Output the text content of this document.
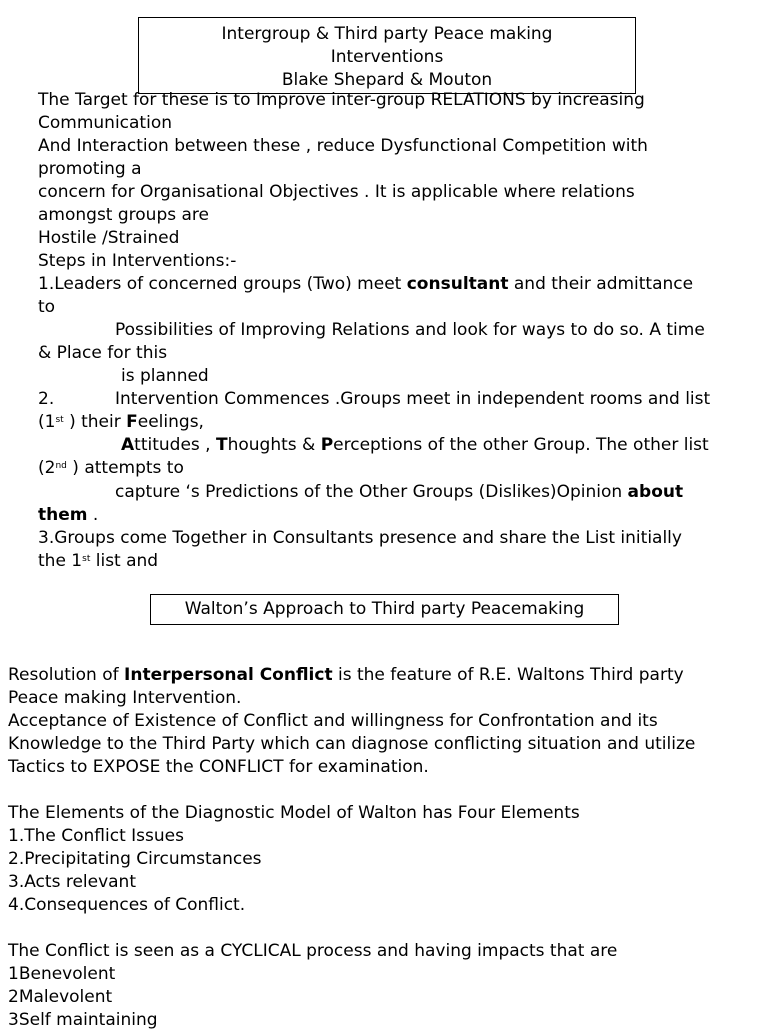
Intergroup & Third party Peace making
Interventions
Blake Shepard & Mouton
The Target for these is to Improve inter-group RELATIONS by increasing
Communication
And Interaction between these , reduce Dysfunctional Competition with
promoting a
concern for Organisational Objectives . It is applicable where relations
amongst groups are
Hostile /Strained
Steps in Interventions:-
1.Leaders of concerned groups (Two) meet consultant and their admittance
to
Possibilities of Improving Relations and look for ways to do so. A time
& Place for this
is planned
2.	Intervention Commences .Groups meet in independent rooms and list
(1st ) their Feelings,
Attitudes , Thoughts & Perceptions of the other Group. The other list
(2nd ) attempts to
capture ‘s Predictions of the Other Groups (Dislikes)Opinion about
them .
3.Groups come Together in Consultants presence and share the List initially
the 1st list and
Walton’s Approach to Third party Peacemaking
Resolution of Interpersonal Conflict is the feature of R.E. Waltons Third party
Peace making Intervention.
Acceptance of Existence of Conflict and willingness for Confrontation and its
Knowledge to the Third Party which can diagnose conflicting situation and utilize
Tactics to EXPOSE the CONFLICT for examination.
The Elements of the Diagnostic Model of Walton has Four Elements
1.The Conflict Issues
2.Precipitating Circumstances
3.Acts relevant
4.Consequences of Conflict.
The Conflict is seen as a CYCLICAL process and having impacts that are
1Benevolent
2Malevolent
3Self maintaining
